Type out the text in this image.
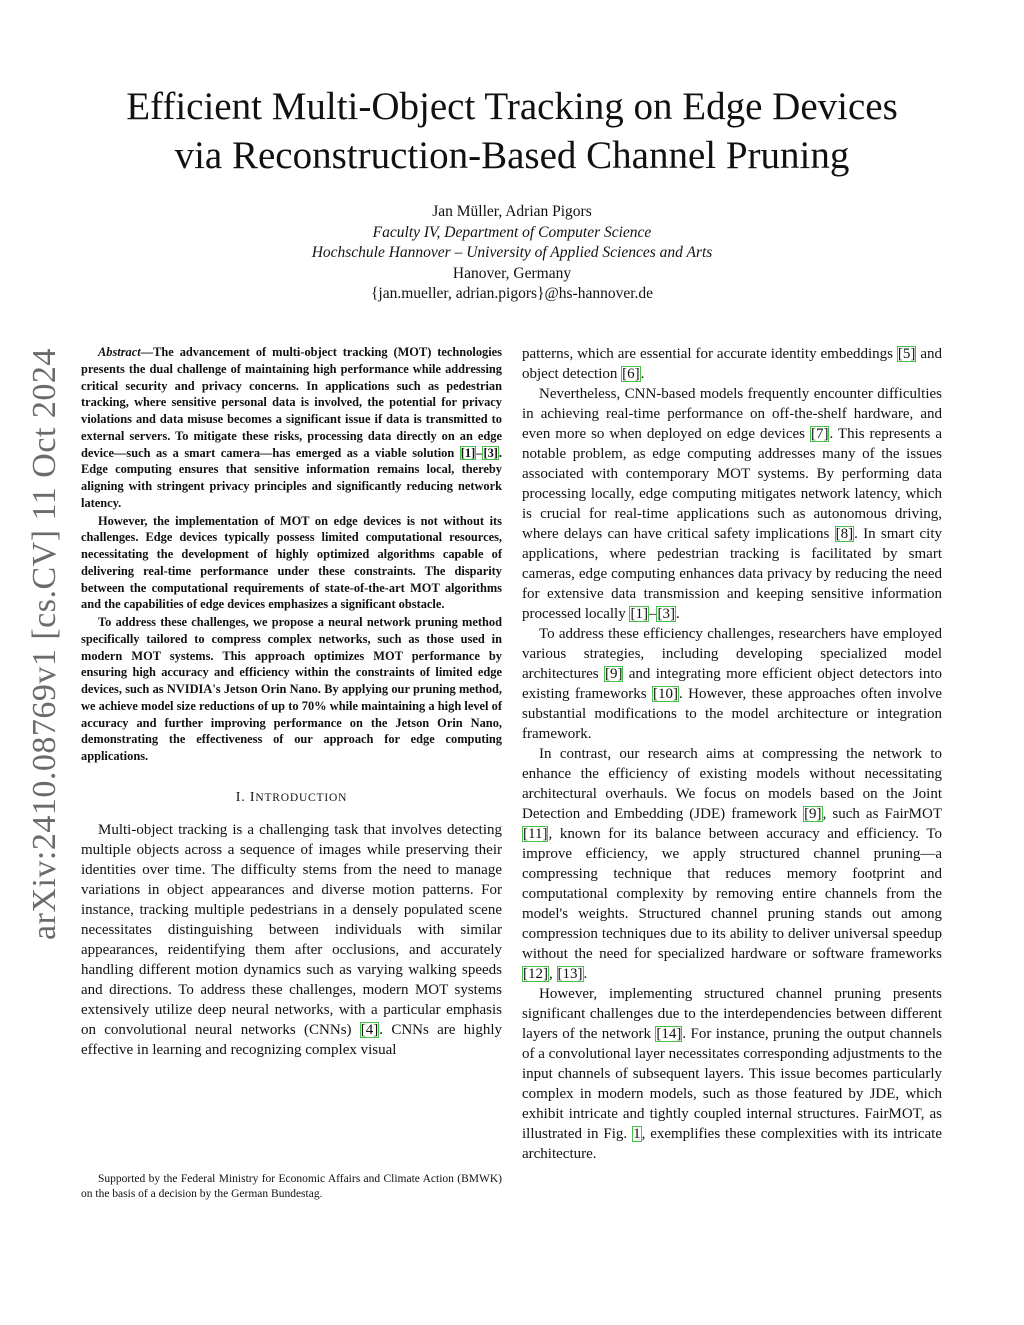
arXiv:2410.08769v1 [cs.CV] 11 Oct 2024
Efficient Multi-Object Tracking on Edge Devices
via Reconstruction-Based Channel Pruning
Jan Müller, Adrian Pigors
Faculty IV, Department of Computer Science
Hochschule Hannover – University of Applied Sciences and Arts
Hanover, Germany
{jan.mueller, adrian.pigors}@hs-hannover.de

Abstract—The advancement of multi-object tracking (MOT) technologies presents the dual challenge of maintaining high performance while addressing critical security and privacy concerns. In applications such as pedestrian tracking, where sensitive personal data is involved, the potential for privacy violations and data misuse becomes a significant issue if data is transmitted to external servers. To mitigate these risks, processing data directly on an edge device—such as a smart camera—has emerged as a viable solution [1]–[3]. Edge computing ensures that sensitive information remains local, thereby aligning with stringent privacy principles and significantly reducing network latency.

However, the implementation of MOT on edge devices is not without its challenges. Edge devices typically possess limited computational resources, necessitating the development of highly optimized algorithms capable of delivering real-time performance under these constraints. The disparity between the computational requirements of state-of-the-art MOT algorithms and the capabilities of edge devices emphasizes a significant obstacle.

To address these challenges, we propose a neural network pruning method specifically tailored to compress complex networks, such as those used in modern MOT systems. This approach optimizes MOT performance by ensuring high accuracy and efficiency within the constraints of limited edge devices, such as NVIDIA's Jetson Orin Nano. By applying our pruning method, we achieve model size reductions of up to 70% while maintaining a high level of accuracy and further improving performance on the Jetson Orin Nano, demonstrating the effectiveness of our approach for edge computing applications.

I. INTRODUCTION

Multi-object tracking is a challenging task that involves detecting multiple objects across a sequence of images while preserving their identities over time. The difficulty stems from the need to manage variations in object appearances and diverse motion patterns. For instance, tracking multiple pedestrians in a densely populated scene necessitates distinguishing between individuals with similar appearances, reidentifying them after occlusions, and accurately handling different motion dynamics such as varying walking speeds and directions. To address these challenges, modern MOT systems extensively utilize deep neural networks, with a particular emphasis on convolutional neural networks (CNNs) [4]. CNNs are highly effective in learning and recognizing complex visual

Supported by the Federal Ministry for Economic Affairs and Climate Action (BMWK) on the basis of a decision by the German Bundestag.

patterns, which are essential for accurate identity embeddings [5] and object detection [6].

Nevertheless, CNN-based models frequently encounter difficulties in achieving real-time performance on off-the-shelf hardware, and even more so when deployed on edge devices [7]. This represents a notable problem, as edge computing addresses many of the issues associated with contemporary MOT systems. By performing data processing locally, edge computing mitigates network latency, which is crucial for real-time applications such as autonomous driving, where delays can have critical safety implications [8]. In smart city applications, where pedestrian tracking is facilitated by smart cameras, edge computing enhances data privacy by reducing the need for extensive data transmission and keeping sensitive information processed locally [1]–[3].

To address these efficiency challenges, researchers have employed various strategies, including developing specialized model architectures [9] and integrating more efficient object detectors into existing frameworks [10]. However, these approaches often involve substantial modifications to the model architecture or integration framework.

In contrast, our research aims at compressing the network to enhance the efficiency of existing models without necessitating architectural overhauls. We focus on models based on the Joint Detection and Embedding (JDE) framework [9], such as FairMOT [11], known for its balance between accuracy and efficiency. To improve efficiency, we apply structured channel pruning—a compressing technique that reduces memory footprint and computational complexity by removing entire channels from the model's weights. Structured channel pruning stands out among compression techniques due to its ability to deliver universal speedup without the need for specialized hardware or software frameworks [12], [13].

However, implementing structured channel pruning presents significant challenges due to the interdependencies between different layers of the network [14]. For instance, pruning the output channels of a convolutional layer necessitates corresponding adjustments to the input channels of subsequent layers. This issue becomes particularly complex in modern models, such as those featured by JDE, which exhibit intricate and tightly coupled internal structures. FairMOT, as illustrated in Fig. 1, exemplifies these complexities with its intricate architecture.
